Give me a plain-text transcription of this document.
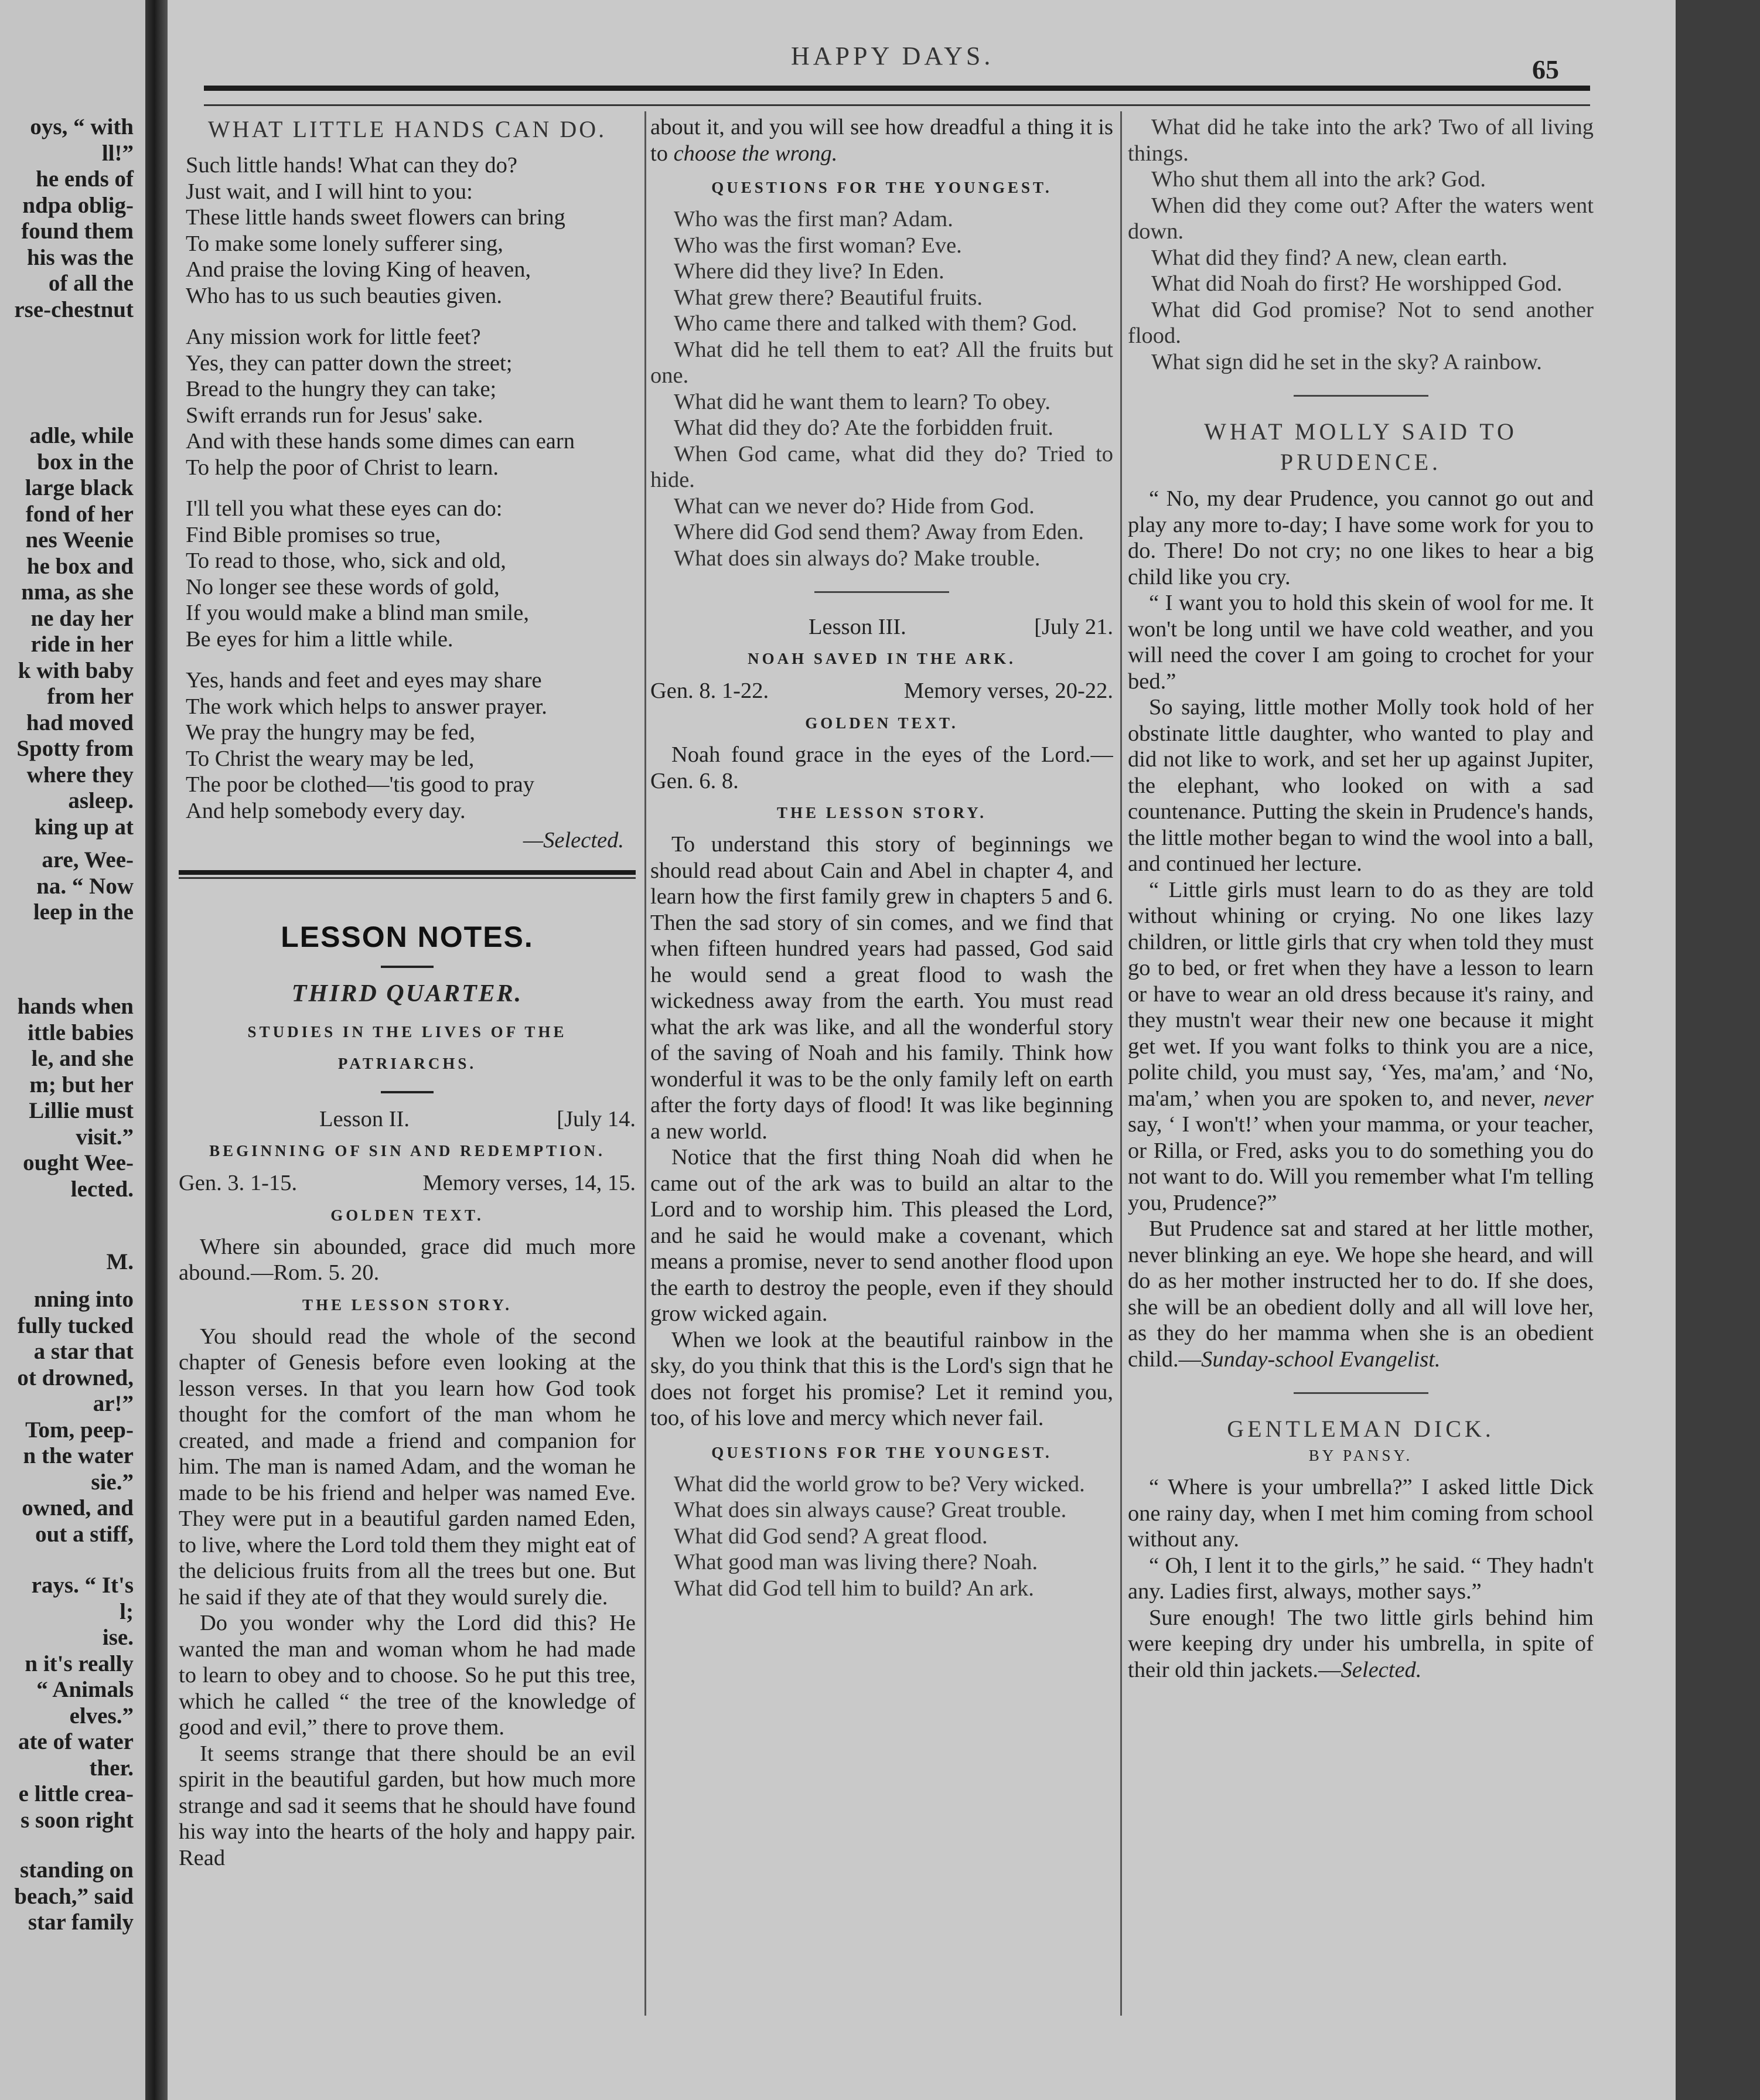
oys, “ with
ll!”
he ends of
ndpa oblig-
found them
his was the
of all the
rse-chestnut
adle, while
box in the
large black
fond of her
nes Weenie
he box and
nma, as she
ne day her
ride in her
k with baby
from her
had moved
Spotty from
where they
asleep.
king up at
are, Wee-
na. “ Now
leep in the
hands when
ittle babies
le, and she
m; but her
Lillie must
visit.”
ought Wee-
lected.
M.
nning into
fully tucked
a star that
ot drowned,
ar!”
Tom, peep-
n the water
sie.”
owned, and
out a stiff,
rays. “ It's
l;
ise.
n it's really
“ Animals
elves.”
ate of water
ther.
e little crea-
s soon right
standing on
beach,” said
star family
HAPPY DAYS.	65
WHAT LITTLE HANDS CAN DO.
Such little hands! What can they do?
Just wait, and I will hint to you:
These little hands sweet flowers can bring
To make some lonely sufferer sing,
And praise the loving King of heaven,
Who has to us such beauties given.
Any mission work for little feet?
Yes, they can patter down the street;
Bread to the hungry they can take;
Swift errands run for Jesus' sake.
And with these hands some dimes can earn
To help the poor of Christ to learn.
I'll tell you what these eyes can do:
Find Bible promises so true,
To read to those, who, sick and old,
No longer see these words of gold,
If you would make a blind man smile,
Be eyes for him a little while.
Yes, hands and feet and eyes may share
The work which helps to answer prayer.
We pray the hungry may be fed,
To Christ the weary may be led,
The poor be clothed—'tis good to pray
And help somebody every day.
—Selected.
LESSON NOTES.
THIRD QUARTER.
STUDIES IN THE LIVES OF THE
PATRIARCHS.
Lesson II.	[July 14.
BEGINNING OF SIN AND REDEMPTION.
Gen. 3. 1-15.	Memory verses, 14, 15.
GOLDEN TEXT.

Where sin abounded, grace did much more abound.—Rom. 5. 20.

THE LESSON STORY.

You should read the whole of the second chapter of Genesis before even looking at the lesson verses. In that you learn how God took thought for the comfort of the man whom he created, and made a friend and companion for him. The man is named Adam, and the woman he made to be his friend and helper was named Eve. They were put in a beautiful garden named Eden, to live, where the Lord told them they might eat of the delicious fruits from all the trees but one. But he said if they ate of that they would surely die.

Do you wonder why the Lord did this? He wanted the man and woman whom he had made to learn to obey and to choose. So he put this tree, which he called “ the tree of the knowledge of good and evil,” there to prove them.

It seems strange that there should be an evil spirit in the beautiful garden, but how much more strange and sad it seems that he should have found his way into the hearts of the holy and happy pair. Read

about it, and you will see how dreadful a thing it is to choose the wrong.

QUESTIONS FOR THE YOUNGEST.

Who was the first man? Adam.

Who was the first woman? Eve.

Where did they live? In Eden.

What grew there? Beautiful fruits.

Who came there and talked with them? God.

What did he tell them to eat? All the fruits but one.

What did he want them to learn? To obey.

What did they do? Ate the forbidden fruit.

When God came, what did they do? Tried to hide.

What can we never do? Hide from God.

Where did God send them? Away from Eden.

What does sin always do? Make trouble.

Lesson III.	[July 21.
NOAH SAVED IN THE ARK.
Gen. 8. 1-22.	Memory verses, 20-22.
GOLDEN TEXT.

Noah found grace in the eyes of the Lord.—Gen. 6. 8.

THE LESSON STORY.

To understand this story of beginnings we should read about Cain and Abel in chapter 4, and learn how the first family grew in chapters 5 and 6. Then the sad story of sin comes, and we find that when fifteen hundred years had passed, God said he would send a great flood to wash the wickedness away from the earth. You must read what the ark was like, and all the wonderful story of the saving of Noah and his family. Think how wonderful it was to be the only family left on earth after the forty days of flood! It was like beginning a new world.

Notice that the first thing Noah did when he came out of the ark was to build an altar to the Lord and to worship him. This pleased the Lord, and he said he would make a covenant, which means a promise, never to send another flood upon the earth to destroy the people, even if they should grow wicked again.

When we look at the beautiful rainbow in the sky, do you think that this is the Lord's sign that he does not forget his promise? Let it remind you, too, of his love and mercy which never fail.

QUESTIONS FOR THE YOUNGEST.

What did the world grow to be? Very wicked.

What does sin always cause? Great trouble.

What did God send? A great flood.

What good man was living there? Noah.

What did God tell him to build? An ark.

What did he take into the ark? Two of all living things.

Who shut them all into the ark? God.

When did they come out? After the waters went down.

What did they find? A new, clean earth.

What did Noah do first? He worshipped God.

What did God promise? Not to send another flood.

What sign did he set in the sky? A rainbow.

WHAT MOLLY SAID TO
PRUDENCE.

“ No, my dear Prudence, you cannot go out and play any more to-day; I have some work for you to do. There! Do not cry; no one likes to hear a big child like you cry.

“ I want you to hold this skein of wool for me. It won't be long until we have cold weather, and you will need the cover I am going to crochet for your bed.”

So saying, little mother Molly took hold of her obstinate little daughter, who wanted to play and did not like to work, and set her up against Jupiter, the elephant, who looked on with a sad countenance. Putting the skein in Prudence's hands, the little mother began to wind the wool into a ball, and continued her lecture.

“ Little girls must learn to do as they are told without whining or crying. No one likes lazy children, or little girls that cry when told they must go to bed, or fret when they have a lesson to learn or have to wear an old dress because it's rainy, and they mustn't wear their new one because it might get wet. If you want folks to think you are a nice, polite child, you must say, ‘Yes, ma'am,’ and ‘No, ma'am,’ when you are spoken to, and never, never say, ‘ I won't!’ when your mamma, or your teacher, or Rilla, or Fred, asks you to do something you do not want to do. Will you remember what I'm telling you, Prudence?”

But Prudence sat and stared at her little mother, never blinking an eye. We hope she heard, and will do as her mother instructed her to do. If she does, she will be an obedient dolly and all will love her, as they do her mamma when she is an obedient child.—Sunday-school Evangelist.

GENTLEMAN DICK.
BY PANSY.

“ Where is your umbrella?” I asked little Dick one rainy day, when I met him coming from school without any.

“ Oh, I lent it to the girls,” he said. “ They hadn't any. Ladies first, always, mother says.”

Sure enough! The two little girls behind him were keeping dry under his umbrella, in spite of their old thin jackets.—Selected.
